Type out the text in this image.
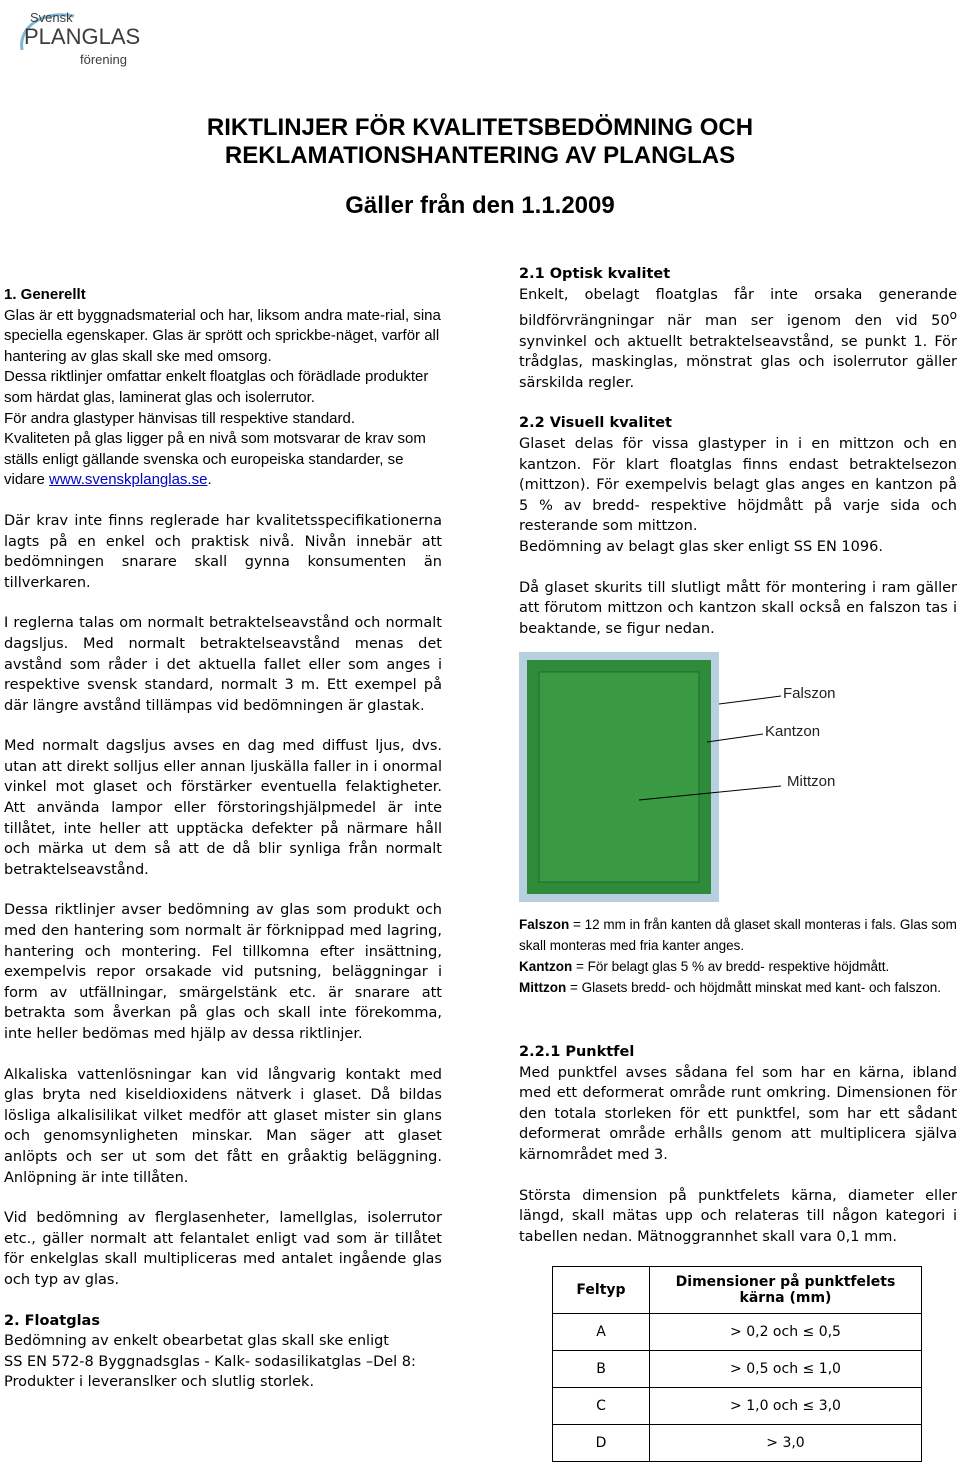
Svensk
PLANGLAS
förening
RIKTLINJER FÖR KVALITETSBEDÖMNING OCH
REKLAMATIONSHANTERING AV PLANGLAS
Gäller från den 1.1.2009

1. Generellt

Glas är ett byggnadsmaterial och har, liksom andra mate-rial, sina speciella egenskaper. Glas är sprött och sprickbe-näget, varför all hantering av glas skall ske med omsorg.

Dessa riktlinjer omfattar enkelt floatglas och förädlade produkter som härdat glas, laminerat glas och isolerrutor.

För andra glastyper hänvisas till respektive standard.

Kvaliteten på glas ligger på en nivå som motsvarar de krav som ställs enligt gällande svenska och europeiska standarder, se vidare www.svenskplanglas.se.

Där krav inte finns reglerade har kvalitetsspecifikationerna lagts på en enkel och praktisk nivå. Nivån innebär att bedömningen snarare skall gynna konsumenten än tillverkaren.

I reglerna talas om normalt betraktelseavstånd och normalt dagsljus. Med normalt betraktelseavstånd menas det avstånd som råder i det aktuella fallet eller som anges i respektive svensk standard, normalt 3 m. Ett exempel på där längre avstånd tillämpas vid bedömningen är glastak.

Med normalt dagsljus avses en dag med diffust ljus, dvs. utan att direkt solljus eller annan ljuskälla faller in i onormal vinkel mot glaset och förstärker eventuella felaktigheter. Att använda lampor eller förstoringshjälpmedel är inte tillåtet, inte heller att upptäcka defekter på närmare håll och märka ut dem så att de då blir synliga från normalt betraktelseavstånd.

Dessa riktlinjer avser bedömning av glas som produkt och med den hantering som normalt är förknippad med lagring, hantering och montering. Fel tillkomna efter insättning, exempelvis repor orsakade vid putsning, beläggningar i form av utfällningar, smärgelstänk etc. är snarare att betrakta som åverkan på glas och skall inte förekomma, inte heller bedömas med hjälp av dessa riktlinjer.

Alkaliska vattenlösningar kan vid långvarig kontakt med glas bryta ned kiseldioxidens nätverk i glaset. Då bildas lösliga alkalisilikat vilket medför att glaset mister sin glans och genomsynligheten minskar. Man säger att glaset anlöpts och ser ut som det fått en gråaktig beläggning. Anlöpning är inte tillåten.

Vid bedömning av flerglasenheter, lamellglas, isolerrutor etc., gäller normalt att felantalet enligt vad som är tillåtet för enkelglas skall multipliceras med antalet ingående glas och typ av glas.

2. Floatglas

Bedömning av enkelt obearbetat glas skall ske enligt

SS EN 572-8 Byggnadsglas - Kalk- sodasilikatglas –Del 8: Produkter i leveranslker och slutlig storlek.

2.1 Optisk kvalitet

Enkelt, obelagt floatglas får inte orsaka generande bildförvrängningar när man ser igenom den vid 50$^o$ synvinkel och aktuellt betraktelseavstånd, se punkt 1. För trådglas, maskinglas, mönstrat glas och isolerrutor gäller särskilda regler.

2.2 Visuell kvalitet

Glaset delas för vissa glastyper in i en mittzon och en kantzon. För klart floatglas finns endast betraktelsezon (mittzon). För exempelvis belagt glas anges en kantzon på 5 % av bredd- respektive höjdmått på varje sida och resterande som mittzon.

Bedömning av belagt glas sker enligt SS EN 1096.

Då glaset skurits till slutligt mått för montering i ram gäller att förutom mittzon och kantzon skall också en falszon tas i beaktande, se figur nedan.

Falszon
Kantzon
Mittzon

Falszon = 12 mm in från kanten då glaset skall monteras i fals. Glas som skall monteras med fria kanter anges.

Kantzon = För belagt glas 5 % av bredd- respektive höjdmått.

Mittzon = Glasets bredd- och höjdmått minskat med kant- och falszon.

2.2.1 Punktfel

Med punktfel avses sådana fel som har en kärna, ibland med ett deformerat område runt omkring. Dimensionen för den totala storleken för ett punktfel, som har ett sådant deformerat område erhålls genom att multiplicera själva kärnområdet med 3.

Största dimension på punktfelets kärna, diameter eller längd, skall mätas upp och relateras till någon kategori i tabellen nedan. Mätnoggrannhet skall vara 0,1 mm.

Feltyp	Dimensioner på punktfelets kärna (mm)
A	> 0,2 och ≤ 0,5
B	> 0,5 och ≤ 1,0
C	> 1,0 och ≤ 3,0
D	> 3,0
